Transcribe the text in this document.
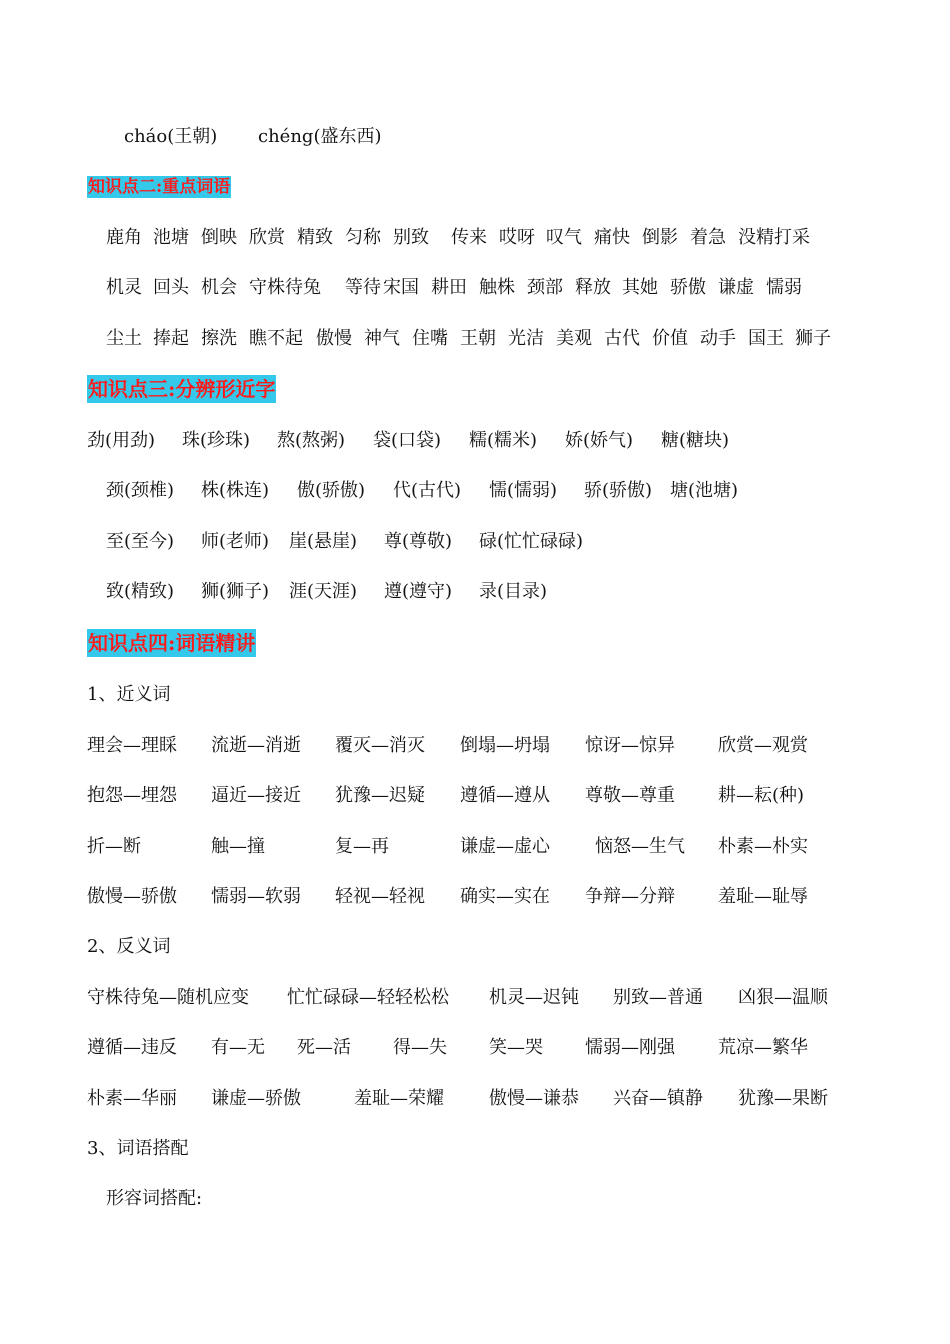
cháo(王朝) chéng(盛东西)
知识点二:重点词语
鹿角 池塘 倒映 欣赏 精致 匀称 别致 传来 哎呀 叹气 痛快 倒影 着急 没精打采
机灵 回头 机会 守株待兔 等待 宋国 耕田 触株 颈部 释放 其她 骄傲 谦虚 懦弱
尘土 捧起 擦洗 瞧不起 傲慢 神气 住嘴 王朝 光洁 美观 古代 价值 动手 国王 狮子
知识点三:分辨形近字
劲(用劲) 珠(珍珠) 熬(熬粥) 袋(口袋) 糯(糯米) 娇(娇气) 糖(糖块)
颈(颈椎) 株(株连) 傲(骄傲) 代(古代) 懦(懦弱) 骄(骄傲) 塘(池塘)
至(至今) 师(老师) 崖(悬崖) 尊(尊敬) 碌(忙忙碌碌)
致(精致) 狮(狮子) 涯(天涯) 遵(遵守) 录(目录)
知识点四:词语精讲
1、近义词
理会—理睬 流逝—消逝 覆灭—消灭 倒塌—坍塌 惊讶—惊异 欣赏—观赏
抱怨—埋怨 逼近—接近 犹豫—迟疑 遵循—遵从 尊敬—尊重 耕—耘(种)
折—断	触—撞	复—再	谦虚—虚心	恼怒—生气 朴素—朴实
傲慢—骄傲 懦弱—软弱 轻视—轻视 确实—实在 争辩—分辩 羞耻—耻辱
2、反义词
守株待兔—随机应变 忙忙碌碌—轻轻松松 机灵—迟钝 别致—普通 凶狠—温顺
遵循—违反 有—无 死—活 得—失 笑—哭 懦弱—刚强 荒凉—繁华
朴素—华丽 谦虚—骄傲	羞耻—荣耀	傲慢—谦恭 兴奋—镇静 犹豫—果断
3、词语搭配
形容词搭配:
